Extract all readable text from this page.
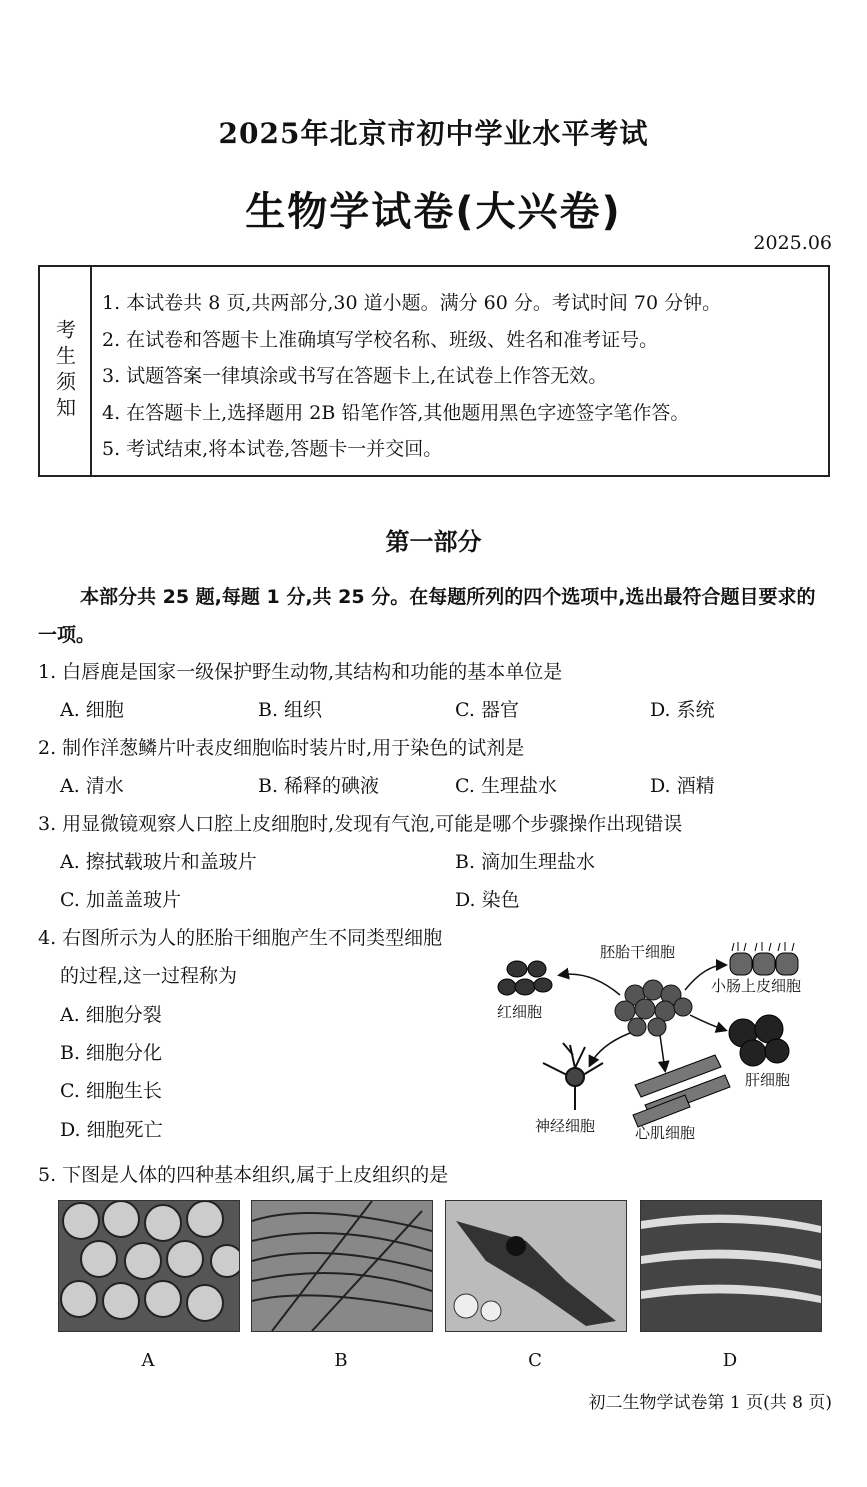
2025年北京市初中学业水平考试
生物学试卷(大兴卷)
2025.06
考生须知
1. 本试卷共 8 页,共两部分,30 道小题。满分 60 分。考试时间 70 分钟。
2. 在试卷和答题卡上准确填写学校名称、班级、姓名和准考证号。
3. 试题答案一律填涂或书写在答题卡上,在试卷上作答无效。
4. 在答题卡上,选择题用 2B 铅笔作答,其他题用黑色字迹签字笔作答。
5. 考试结束,将本试卷,答题卡一并交回。
第一部分
本部分共 25 题,每题 1 分,共 25 分。在每题所列的四个选项中,选出最符合题目要求的一项。
1. 白唇鹿是国家一级保护野生动物,其结构和功能的基本单位是
A. 细胞	B. 组织	C. 器官	D. 系统
2. 制作洋葱鳞片叶表皮细胞临时装片时,用于染色的试剂是
A. 清水	B. 稀释的碘液	C. 生理盐水	D. 酒精
3. 用显微镜观察人口腔上皮细胞时,发现有气泡,可能是哪个步骤操作出现错误
A. 擦拭载玻片和盖玻片	B. 滴加生理盐水
C. 加盖盖玻片	D. 染色
4. 右图所示为人的胚胎干细胞产生不同类型细胞
的过程,这一过程称为
A. 细胞分裂
B. 细胞分化
C. 细胞生长
D. 细胞死亡
胚胎干细胞
红细胞
小肠上皮细胞
肝细胞
神经细胞	心肌细胞
5. 下图是人体的四种基本组织,属于上皮组织的是
A	B	C	D
初二生物学试卷第 1 页(共 8 页)
